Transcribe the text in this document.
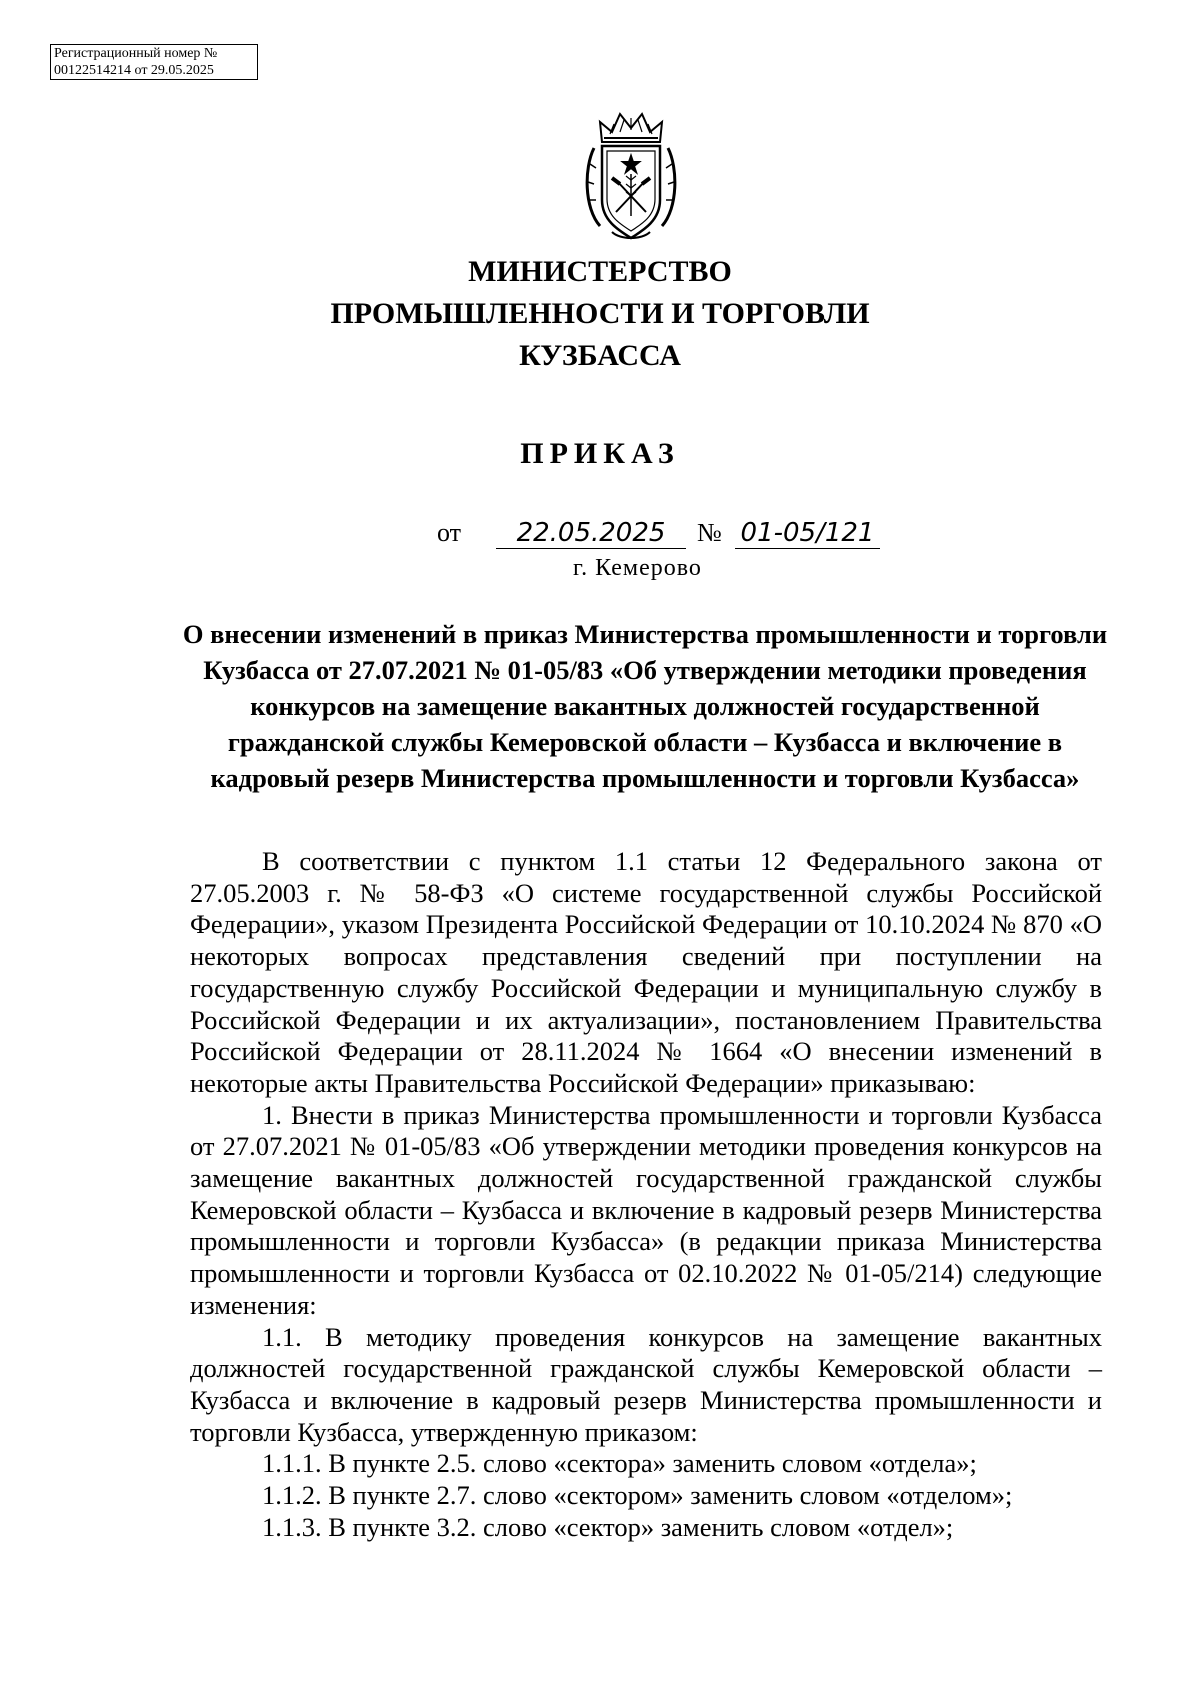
Регистрационный номер №
00122514214 от 29.05.2025
МИНИСТЕРСТВО
ПРОМЫШЛЕННОСТИ И ТОРГОВЛИ
КУЗБАССА
ПРИКАЗ
от	22.05.2025	№ 01-05/121
г. Кемерово
О внесении изменений в приказ Министерства промышленности и торговли Кузбасса от 27.07.2021 № 01-05/83 «Об утверждении методики проведения конкурсов на замещение вакантных должностей государственной гражданской службы Кемеровской области – Кузбасса и включение в кадровый резерв Министерства промышленности и торговли Кузбасса»

В соответствии с пунктом 1.1 статьи 12 Федерального закона от 27.05.2003 г. № 58-ФЗ «О системе государственной службы Российской Федерации», указом Президента Российской Федерации от 10.10.2024 № 870 «О некоторых вопросах представления сведений при поступлении на государственную службу Российской Федерации и муниципальную службу в Российской Федерации и их актуализации», постановлением Правительства Российской Федерации от 28.11.2024 № 1664 «О внесении изменений в некоторые акты Правительства Российской Федерации» приказываю:

1. Внести в приказ Министерства промышленности и торговли Кузбасса от 27.07.2021 № 01-05/83 «Об утверждении методики проведения конкурсов на замещение вакантных должностей государственной гражданской службы Кемеровской области – Кузбасса и включение в кадровый резерв Министерства промышленности и торговли Кузбасса» (в редакции приказа Министерства промышленности и торговли Кузбасса от 02.10.2022 № 01-05/214) следующие изменения:

1.1. В методику проведения конкурсов на замещение вакантных должностей государственной гражданской службы Кемеровской области – Кузбасса и включение в кадровый резерв Министерства промышленности и торговли Кузбасса, утвержденную приказом:

1.1.1. В пункте 2.5. слово «сектора» заменить словом «отдела»;

1.1.2. В пункте 2.7. слово «сектором» заменить словом «отделом»;

1.1.3. В пункте 3.2. слово «сектор» заменить словом «отдел»;
